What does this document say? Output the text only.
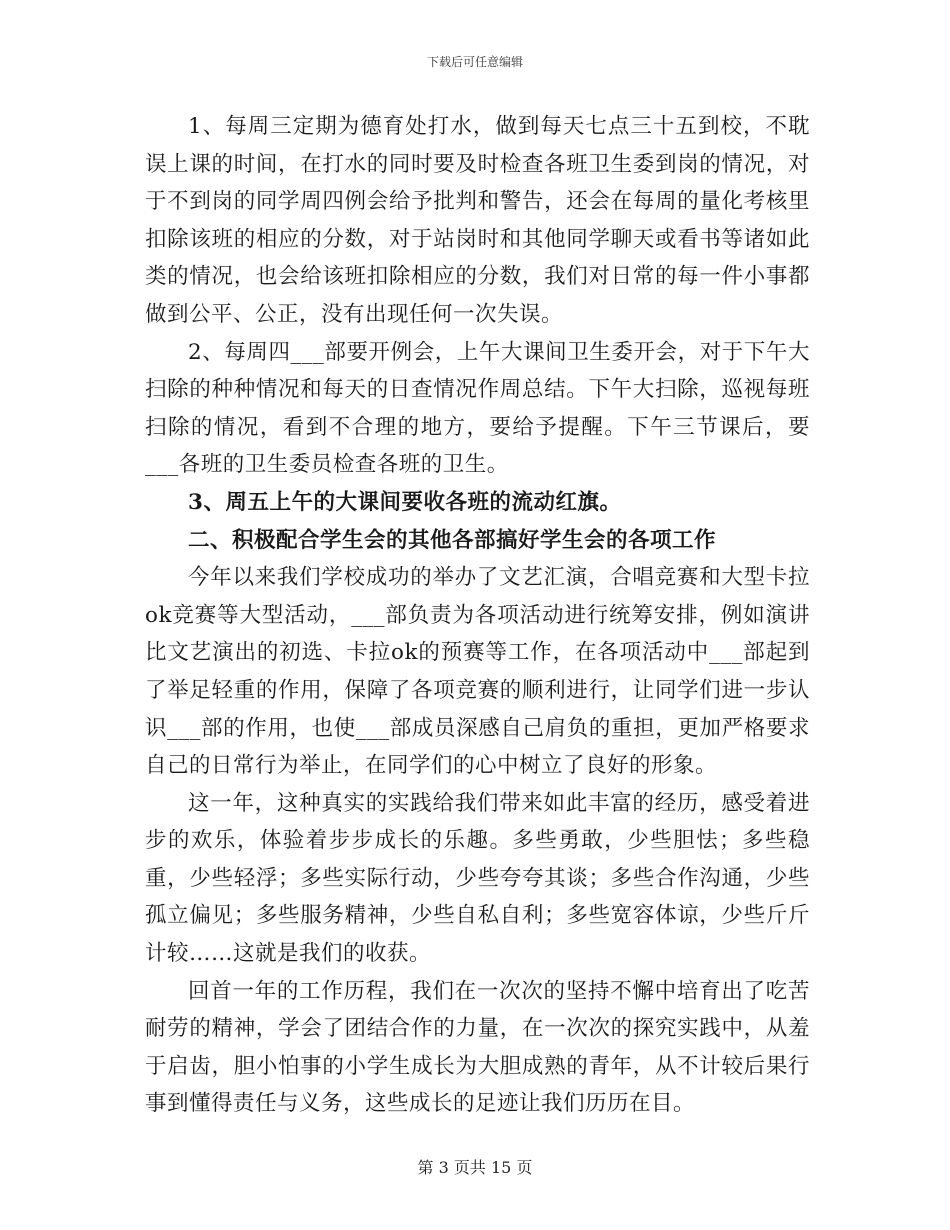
下载后可任意编辑

1、每周三定期为德育处打水，做到每天七点三十五到校，不耽误上课的时间，在打水的同时要及时检查各班卫生委到岗的情况，对于不到岗的同学周四例会给予批判和警告，还会在每周的量化考核里扣除该班的相应的分数，对于站岗时和其他同学聊天或看书等诸如此类的情况，也会给该班扣除相应的分数，我们对日常的每一件小事都做到公平、公正，没有出现任何一次失误。

2、每周四___部要开例会，上午大课间卫生委开会，对于下午大扫除的种种情况和每天的日查情况作周总结。下午大扫除，巡视每班扫除的情况，看到不合理的地方，要给予提醒。下午三节课后，要___各班的卫生委员检查各班的卫生。

3、周五上午的大课间要收各班的流动红旗。

二、积极配合学生会的其他各部搞好学生会的各项工作

今年以来我们学校成功的举办了文艺汇演，合唱竞赛和大型卡拉ok竞赛等大型活动，___部负责为各项活动进行统筹安排，例如演讲比文艺演出的初选、卡拉ok的预赛等工作，在各项活动中___部起到了举足轻重的作用，保障了各项竞赛的顺利进行，让同学们进一步认识___部的作用，也使___部成员深感自己肩负的重担，更加严格要求自己的日常行为举止，在同学们的心中树立了良好的形象。

这一年，这种真实的实践给我们带来如此丰富的经历，感受着进步的欢乐，体验着步步成长的乐趣。多些勇敢，少些胆怯；多些稳重，少些轻浮；多些实际行动，少些夸夸其谈；多些合作沟通，少些孤立偏见；多些服务精神，少些自私自利；多些宽容体谅，少些斤斤计较……这就是我们的收获。

回首一年的工作历程，我们在一次次的坚持不懈中培育出了吃苦耐劳的精神，学会了团结合作的力量，在一次次的探究实践中，从羞于启齿，胆小怕事的小学生成长为大胆成熟的青年，从不计较后果行事到懂得责任与义务，这些成长的足迹让我们历历在目。

第 3 页共 15 页
